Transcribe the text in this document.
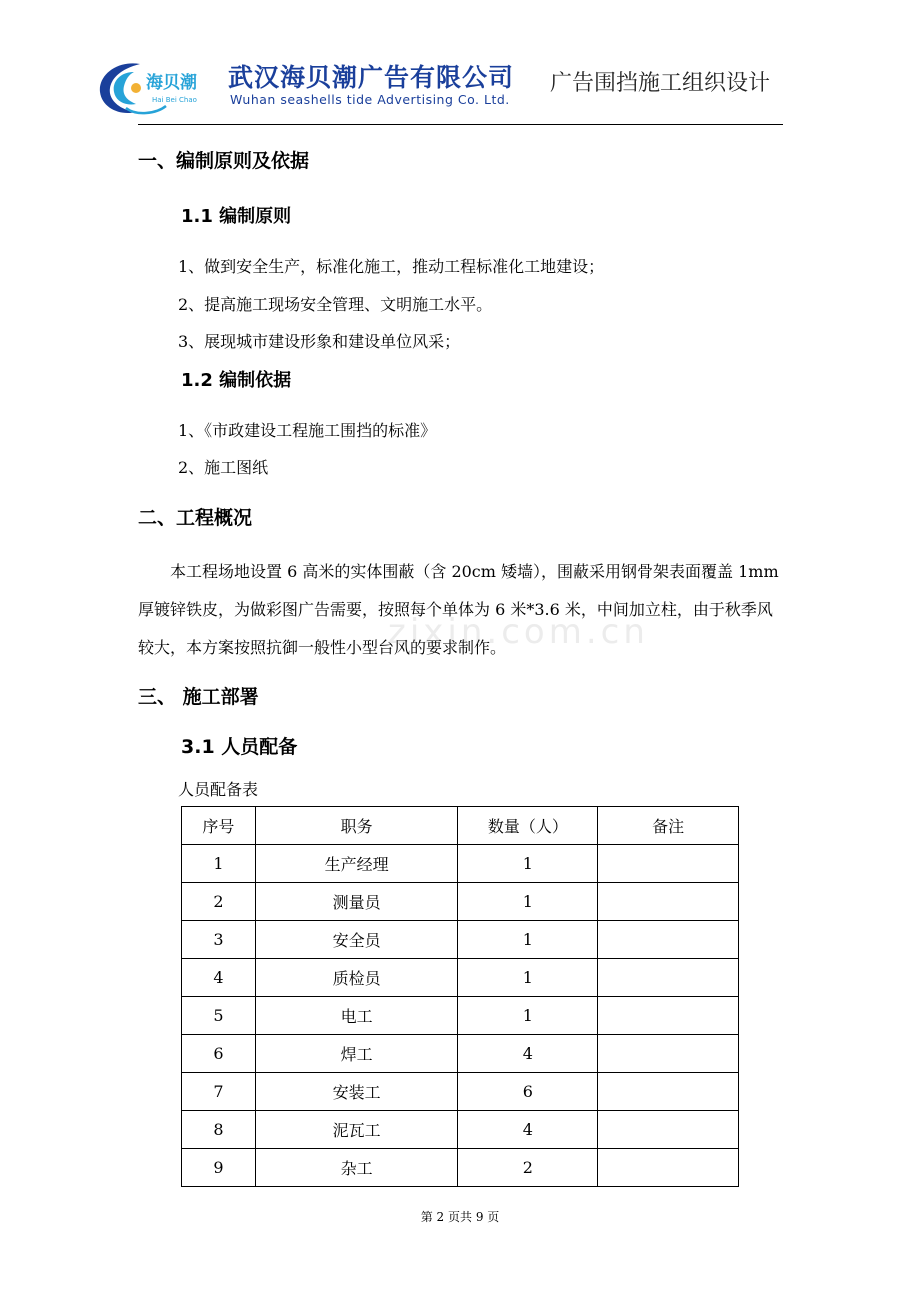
海贝潮
Hai Bei Chao
武汉海贝潮广告有限公司
Wuhan seashells tide Advertising Co. Ltd.
广告围挡施工组织设计
一、编制原则及依据
1.1 编制原则
1、做到安全生产，标准化施工，推动工程标准化工地建设；
2、提高施工现场安全管理、文明施工水平。
3、展现城市建设形象和建设单位风采；
1.2 编制依据
1、《市政建设工程施工围挡的标准》
2、施工图纸
二、工程概况
本工程场地设置 6 高米的实体围蔽（含 20cm 矮墙），围蔽采用钢骨架表面覆盖 1mm 厚镀锌铁皮，为做彩图广告需要，按照每个单体为 6 米*3.6 米，中间加立柱，由于秋季风较大，本方案按照抗御一般性小型台风的要求制作。
zixin.com.cn
三、 施工部署
3.1 人员配备
人员配备表
序号	职务	数量（人）	备注
1	生产经理	1	
2	测量员	1	
3	安全员	1	
4	质检员	1	
5	电工	1	
6	焊工	4	
7	安装工	6	
8	泥瓦工	4	
9	杂工	2	
第 2 页共 9 页
